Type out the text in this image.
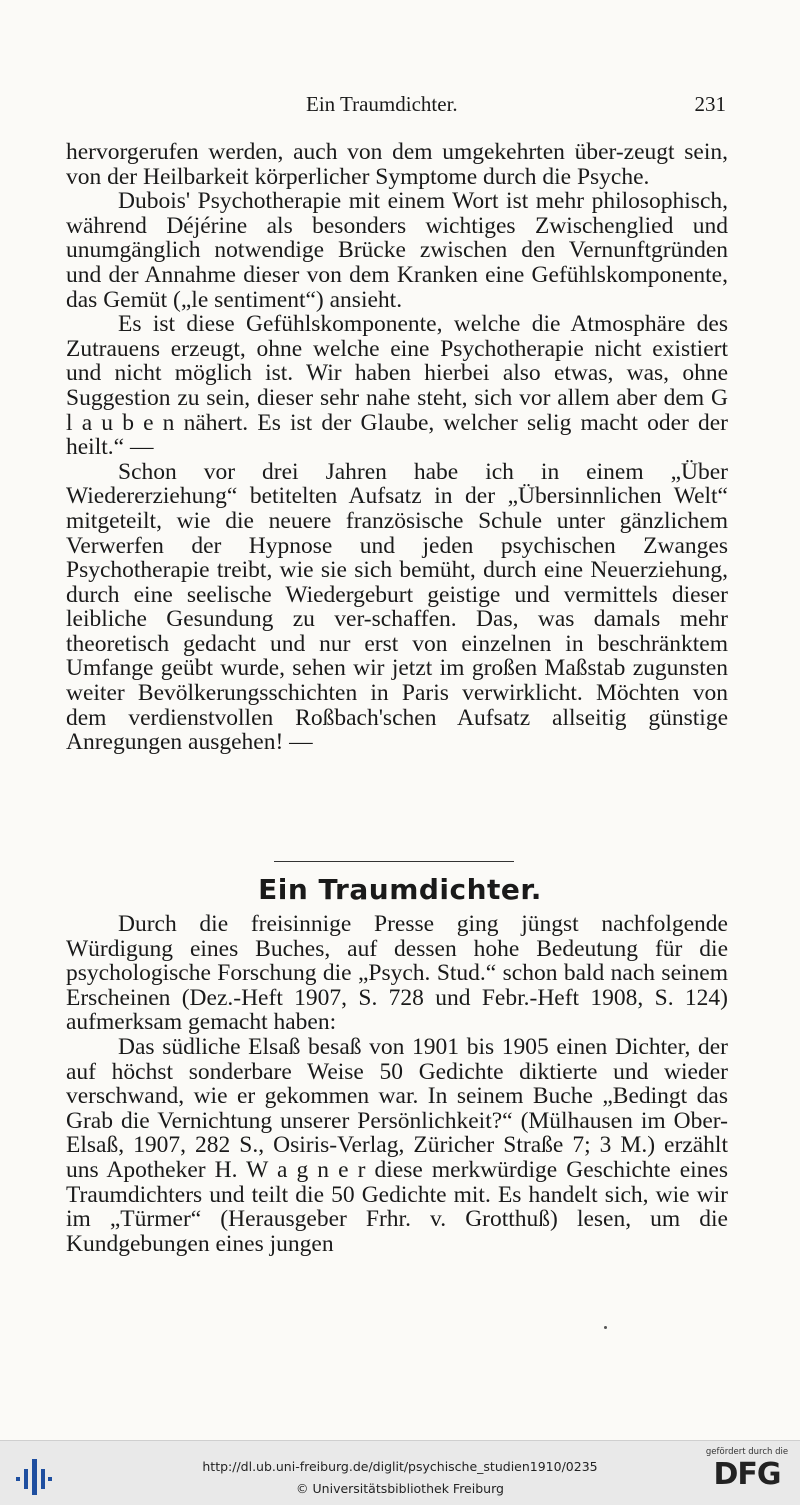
Ein Traumdichter.	231

hervorgerufen werden, auch von dem umgekehrten über-zeugt sein, von der Heilbarkeit körperlicher Symptome durch die Psyche.

Dubois' Psychotherapie mit einem Wort ist mehr philosophisch, während Déjérine als besonders wichtiges Zwischenglied und unumgänglich notwendige Brücke zwischen den Vernunftgründen und der Annahme dieser von dem Kranken eine Gefühlskomponente, das Gemüt („le sentiment“) ansieht.

Es ist diese Gefühlskomponente, welche die Atmosphäre des Zutrauens erzeugt, ohne welche eine Psychotherapie nicht existiert und nicht möglich ist. Wir haben hierbei also etwas, was, ohne Suggestion zu sein, dieser sehr nahe steht, sich vor allem aber dem G l a u b e n nähert. Es ist der Glaube, welcher selig macht oder der heilt.“ —

Schon vor drei Jahren habe ich in einem „Über Wiedererziehung“ betitelten Aufsatz in der „Übersinnlichen Welt“ mitgeteilt, wie die neuere französische Schule unter gänzlichem Verwerfen der Hypnose und jeden psychischen Zwanges Psychotherapie treibt, wie sie sich bemüht, durch eine Neuerziehung, durch eine seelische Wiedergeburt geistige und vermittels dieser leibliche Gesundung zu ver-schaffen. Das, was damals mehr theoretisch gedacht und nur erst von einzelnen in beschränktem Umfange geübt wurde, sehen wir jetzt im großen Maßstab zugunsten weiter Bevölkerungsschichten in Paris verwirklicht. Möchten von dem verdienstvollen Roßbach'schen Aufsatz allseitig günstige Anregungen ausgehen! —

Ein Traumdichter.

Durch die freisinnige Presse ging jüngst nachfolgende Würdigung eines Buches, auf dessen hohe Bedeutung für die psychologische Forschung die „Psych. Stud.“ schon bald nach seinem Erscheinen (Dez.-Heft 1907, S. 728 und Febr.-Heft 1908, S. 124) aufmerksam gemacht haben:

Das südliche Elsaß besaß von 1901 bis 1905 einen Dichter, der auf höchst sonderbare Weise 50 Gedichte diktierte und wieder verschwand, wie er gekommen war. In seinem Buche „Bedingt das Grab die Vernichtung unserer Persönlichkeit?“ (Mülhausen im Ober-Elsaß, 1907, 282 S., Osiris-Verlag, Züricher Straße 7; 3 M.) erzählt uns Apotheker H. W a g n e r diese merkwürdige Geschichte eines Traumdichters und teilt die 50 Gedichte mit. Es handelt sich, wie wir im „Türmer“ (Herausgeber Frhr. v. Grotthuß) lesen, um die Kundgebungen eines jungen

http://dl.ub.uni-freiburg.de/diglit/psychische_studien1910/0235
© Universitätsbibliothek Freiburg
gefördert durch die
DFG
